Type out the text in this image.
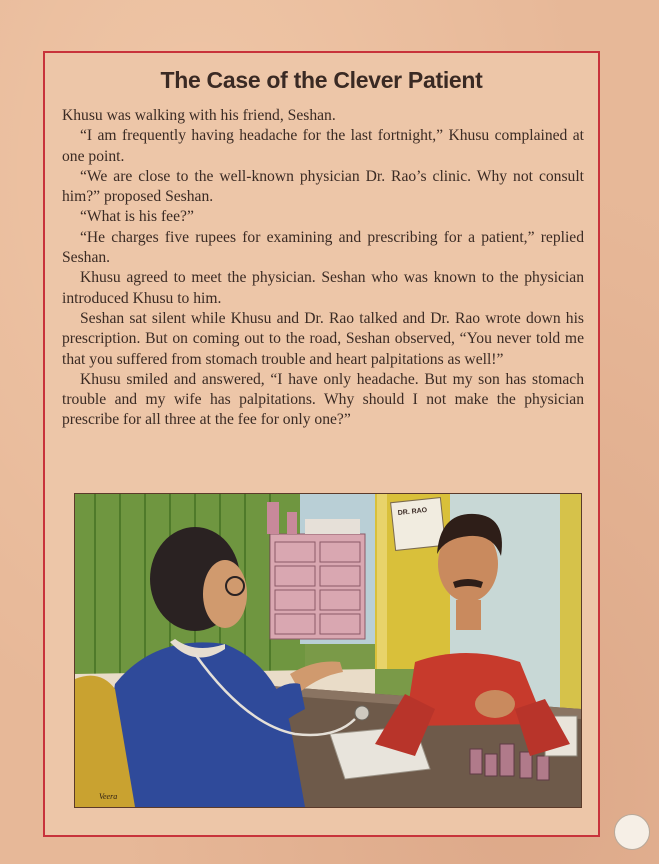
The Case of the Clever Patient

Khusu was walking with his friend, Seshan.

“I am frequently having headache for the last fortnight,” Khusu complained at one point.

“We are close to the well-known physician Dr. Rao’s clinic. Why not consult him?” proposed Seshan.

“What is his fee?”

“He charges five rupees for examining and prescribing for a patient,” replied Seshan.

Khusu agreed to meet the physician. Seshan who was known to the physician introduced Khusu to him.

Seshan sat silent while Khusu and Dr. Rao talked and Dr. Rao wrote down his prescription. But on coming out to the road, Seshan observed, “You never told me that you suffered from stomach trouble and heart palpitations as well!”

Khusu smiled and answered, “I have only headache. But my son has stomach trouble and my wife has palpitations. Why should I not make the physician prescribe for all three at the fee for only one?”

DR. RAO
Veera
